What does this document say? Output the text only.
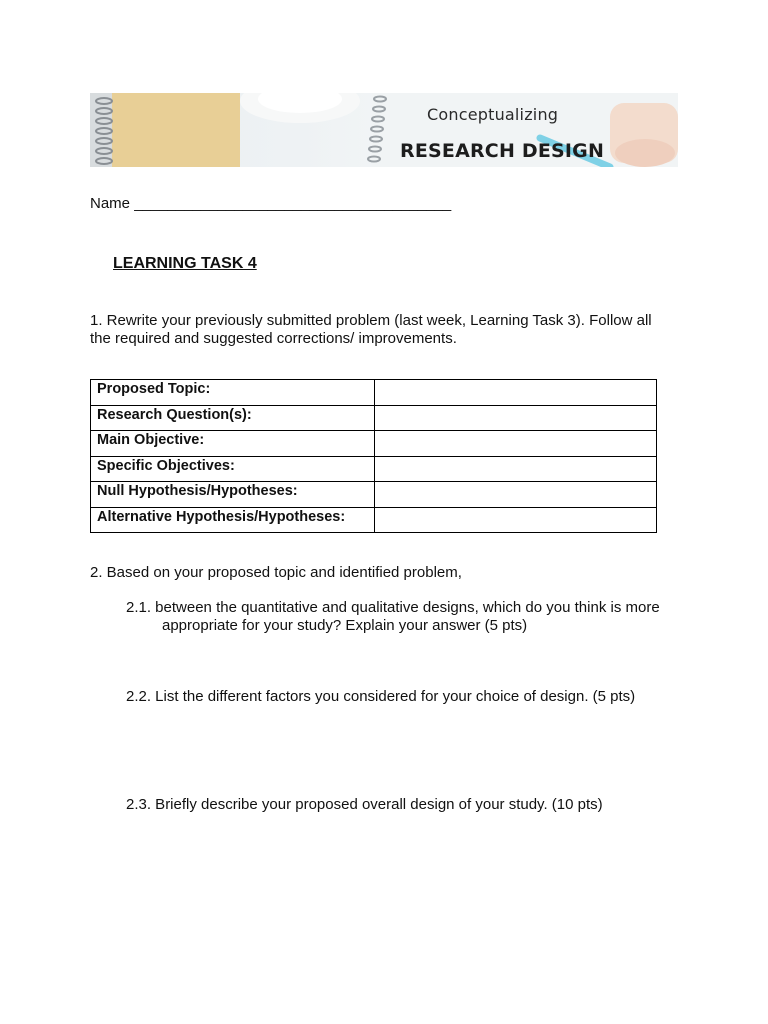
Conceptualizing
RESEARCH DESIGN
Name ______________________________________
LEARNING TASK 4
1. Rewrite your previously submitted problem (last week, Learning Task 3). Follow all the required and suggested corrections/ improvements.
Proposed Topic:	
Research Question(s):	
Main Objective:	
Specific Objectives:	
Null Hypothesis/Hypotheses:	
Alternative Hypothesis/Hypotheses:	
2. Based on your proposed topic and identified problem,
2.1. between the quantitative and qualitative designs, which do you think is more
appropriate for your study? Explain your answer (5 pts)
2.2. List the different factors you considered for your choice of design. (5 pts)
2.3. Briefly describe your proposed overall design of your study. (10 pts)
